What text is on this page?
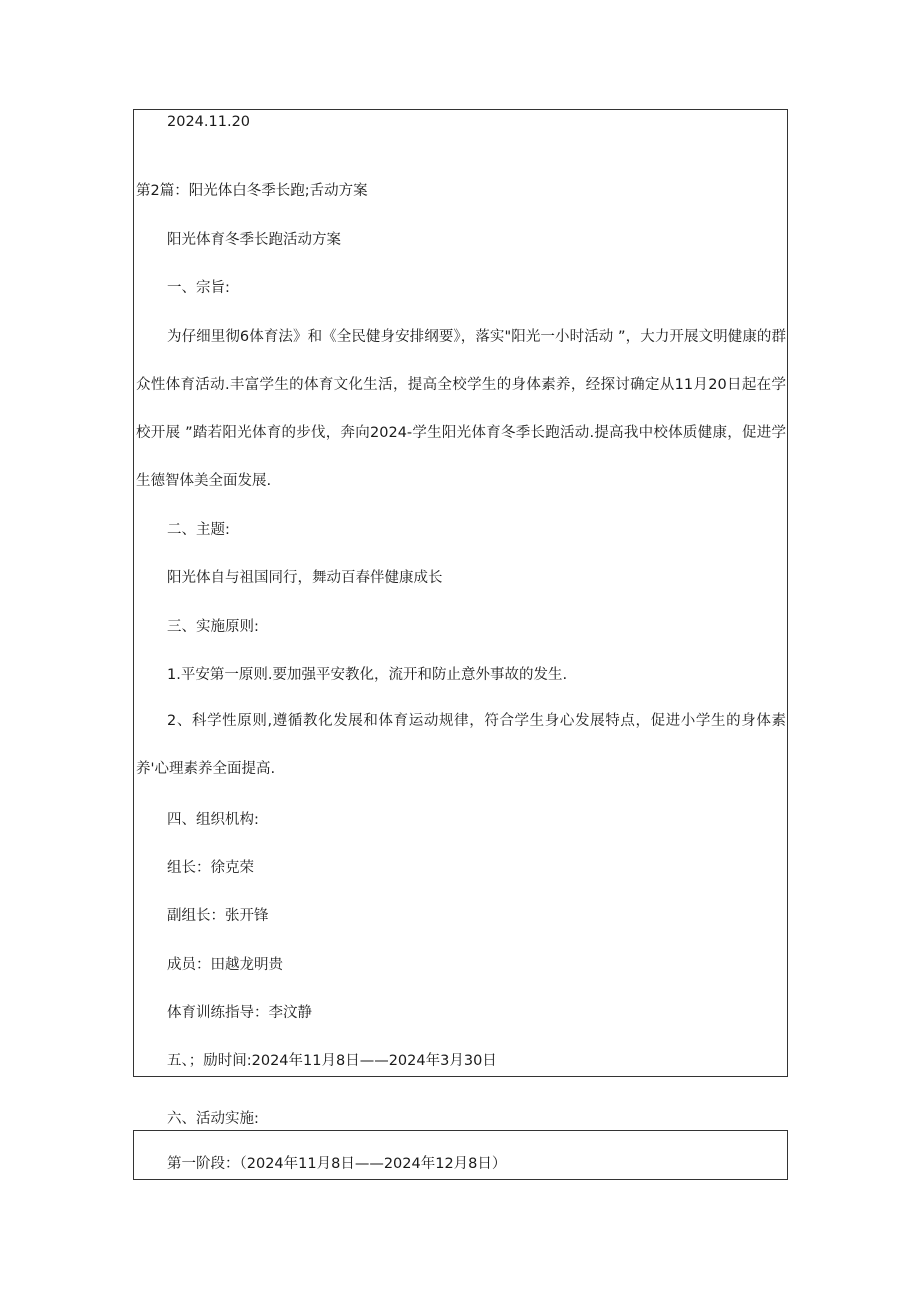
2024.11.20
第2篇：阳光体白冬季长跑;舌动方案
阳光体育冬季长跑活动方案
一、宗旨:
为仔细里彻6体育法》和《全民健身安排纲要》，落实"阳光一小时活动 ”，大力开展文明健康的群众性体育活动.丰富学生的体育文化生活，提高全校学生的身体素养，经探讨确定从11月20日起在学校开展 ”踏若阳光体育的步伐，奔向2024-学生阳光体育冬季长跑活动.提高我中校体质健康，促进学生德智体美全面发展.
二、主题:
阳光体自与祖国同行，舞动百春伴健康成长
三、实施原则:
1.平安第一原则.要加强平安教化，流开和防止意外事故的发生.
2、科学性原则,遵循教化发展和体育运动规律，符合学生身心发展特点，促进小学生的身体素养'心理素养全面提高.
四、组织机构:
组长：徐克荣
副组长：张开锋
成员：田越龙明贵
体育训练指导：李汶静
五、；励时间:2024年11月8日——2024年3月30日
六、活动实施:
第一阶段：（2024年11月8日——2024年12月8日）
